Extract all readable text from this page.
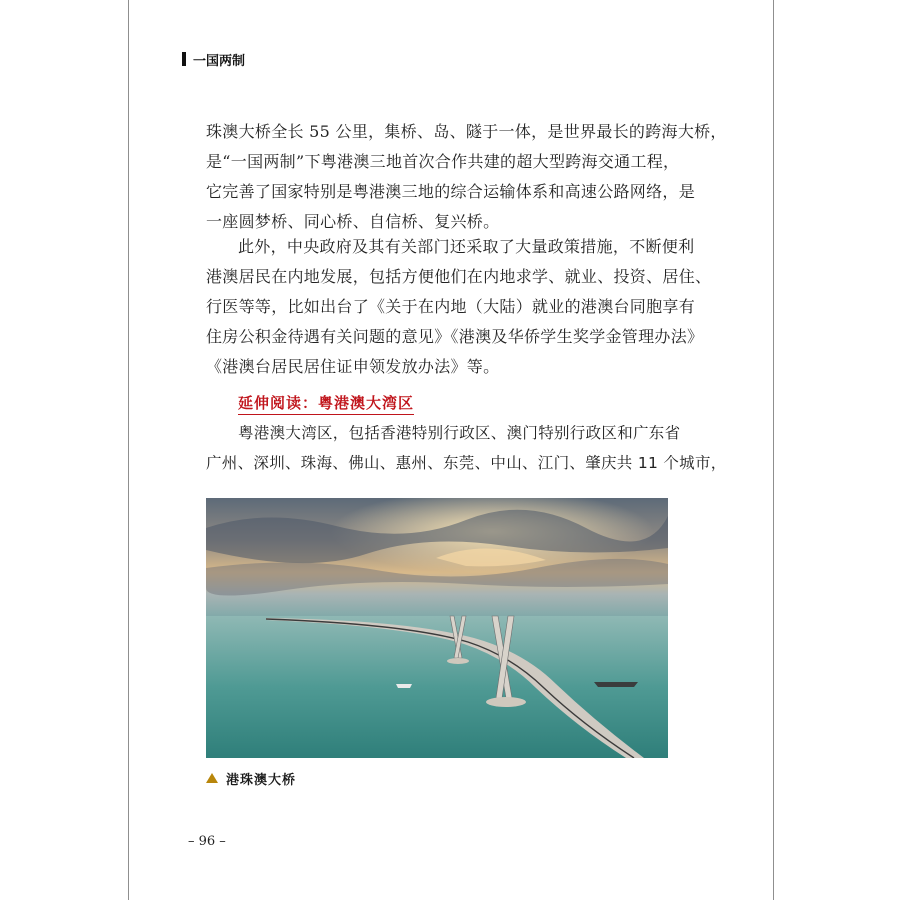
一国两制
珠澳大桥全长 55 公里，集桥、岛、隧于一体，是世界最长的跨海大桥，
是“一国两制”下粤港澳三地首次合作共建的超大型跨海交通工程，
它完善了国家特别是粤港澳三地的综合运输体系和高速公路网络，是
一座圆梦桥、同心桥、自信桥、复兴桥。
此外，中央政府及其有关部门还采取了大量政策措施，不断便利
港澳居民在内地发展，包括方便他们在内地求学、就业、投资、居住、
行医等等，比如出台了《关于在内地（大陆）就业的港澳台同胞享有
住房公积金待遇有关问题的意见》《港澳及华侨学生奖学金管理办法》
《港澳台居民居住证申领发放办法》等。
延伸阅读：粤港澳大湾区
粤港澳大湾区，包括香港特别行政区、澳门特别行政区和广东省
广州、深圳、珠海、佛山、惠州、东莞、中山、江门、肇庆共 11 个城市，
港珠澳大桥
– 96 –
